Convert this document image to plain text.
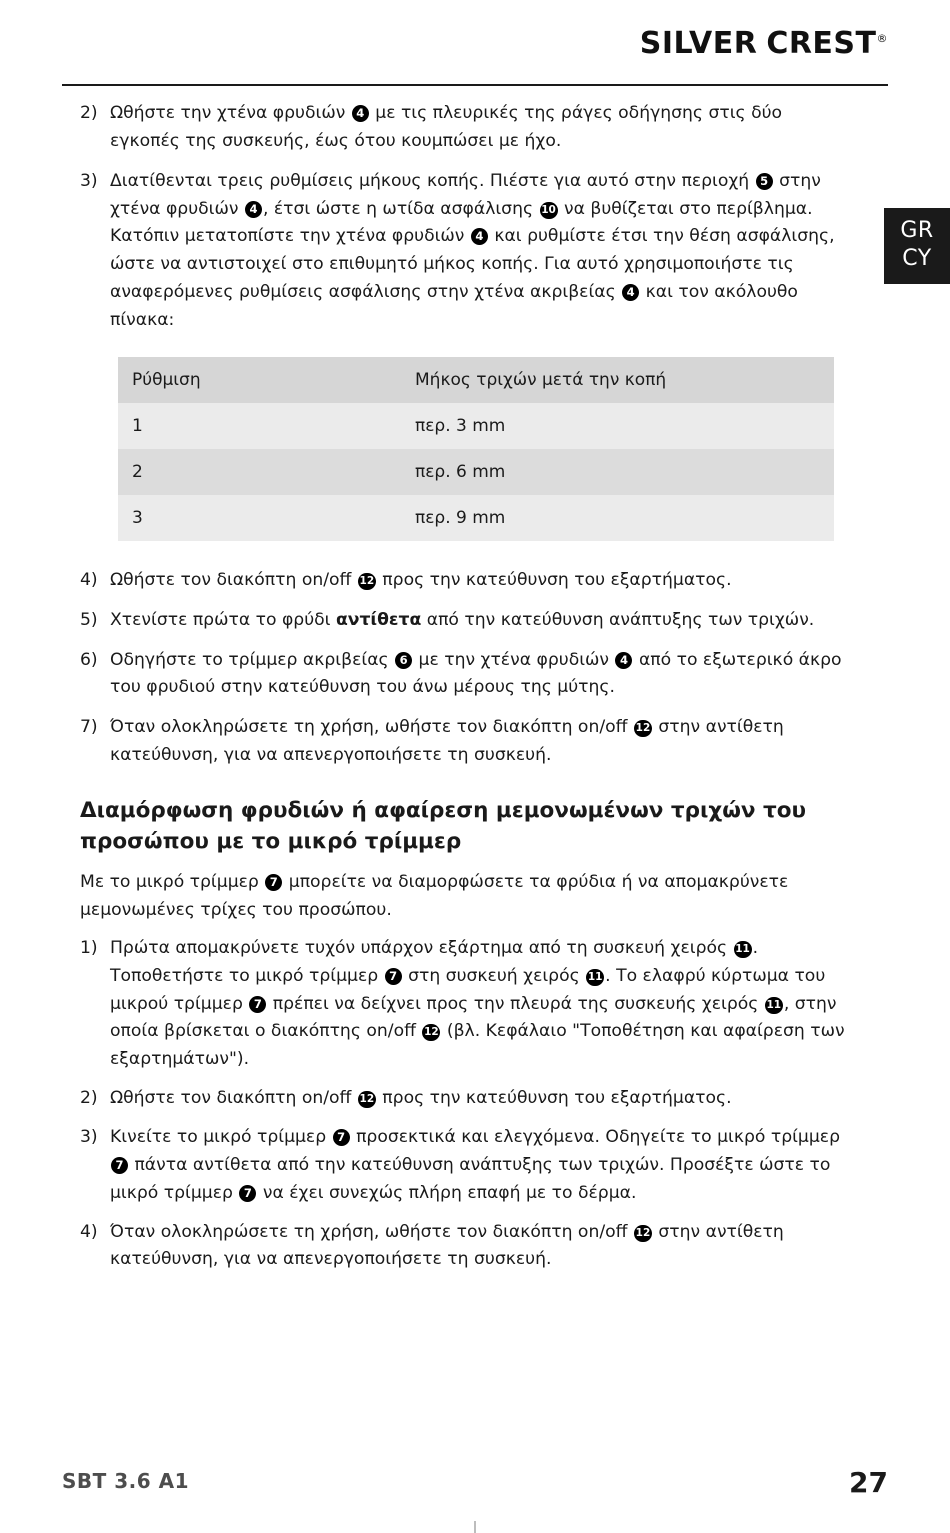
SILVER CREST®
GR
CY
2) Ωθήστε την χτένα φρυδιών 4 με τις πλευρικές της ράγες οδήγησης στις δύο εγκοπές της συσκευής, έως ότου κουμπώσει με ήχο.
3) Διατίθενται τρεις ρυθμίσεις μήκους κοπής. Πιέστε για αυτό στην περιοχή 5 στην χτένα φρυδιών 4 , έτσι ώστε η ωτίδα ασφάλισης 10 να βυθίζεται στο περίβλημα. Κατόπιν μετατοπίστε την χτένα φρυδιών 4 και ρυθμίστε έτσι την θέση ασφάλισης, ώστε να αντιστοιχεί στο επιθυμητό μήκος κοπής. Για αυτό χρησιμοποιήστε τις αναφερόμενες ρυθμίσεις ασφάλισης στην χτένα ακριβείας 4 και τον ακόλουθο πίνακα:
Ρύθμιση	Μήκος τριχών μετά την κοπή
1	περ. 3 mm
2	περ. 6 mm
3	περ. 9 mm
4) Ωθήστε τον διακόπτη on/off 12 προς την κατεύθυνση του εξαρτήματος.
5) Χτενίστε πρώτα το φρύδι αντίθετα από την κατεύθυνση ανάπτυξης των τριχών.
6) Οδηγήστε το τρίμμερ ακριβείας 6 με την χτένα φρυδιών 4 από το εξωτερικό άκρο του φρυδιού στην κατεύθυνση του άνω μέρους της μύτης.
7) Όταν ολοκληρώσετε τη χρήση, ωθήστε τον διακόπτη on/off 12 στην αντίθετη κατεύθυνση, για να απενεργοποιήσετε τη συσκευή.
Διαμόρφωση φρυδιών ή αφαίρεση μεμονωμένων τριχών του προσώπου με το μικρό τρίμμερ

Με το μικρό τρίμμερ 7 μπορείτε να διαμορφώσετε τα φρύδια ή να απομακρύνετε μεμονωμένες τρίχες του προσώπου.

1) Πρώτα απομακρύνετε τυχόν υπάρχον εξάρτημα από τη συσκευή χειρός 11 . Τοποθετήστε το μικρό τρίμμερ 7 στη συσκευή χειρός 11 . Το ελαφρύ κύρτωμα του μικρού τρίμμερ 7 πρέπει να δείχνει προς την πλευρά της συσκευής χειρός 11 , στην οποία βρίσκεται ο διακόπτης on/off 12 (βλ. Κεφάλαιο "Τοποθέτηση και αφαίρεση των εξαρτημάτων").
2) Ωθήστε τον διακόπτη on/off 12 προς την κατεύθυνση του εξαρτήματος.
3) Κινείτε το μικρό τρίμμερ 7 προσεκτικά και ελεγχόμενα. Οδηγείτε το μικρό τρίμμερ 7 πάντα αντίθετα από την κατεύθυνση ανάπτυξης των τριχών. Προσέξτε ώστε το μικρό τρίμμερ 7 να έχει συνεχώς πλήρη επαφή με το δέρμα.
4) Όταν ολοκληρώσετε τη χρήση, ωθήστε τον διακόπτη on/off 12 στην αντίθετη κατεύθυνση, για να απενεργοποιήσετε τη συσκευή.
SBT 3.6 A1	27
